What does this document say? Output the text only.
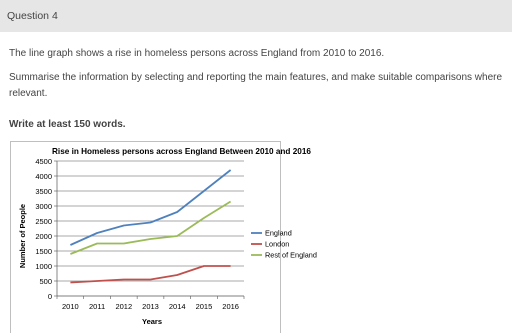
Question 4

The line graph shows a rise in homeless persons across England from 2010 to 2016.

Summarise the information by selecting and reporting the main features, and make suitable comparisons where relevant.

Write at least 150 words.

Rise in Homeless persons across England Between 2010 and 2016
0
500
1000
1500
2000
2500
3000
3500
4000
4500
2010 2011 2012 2013 2014 2015 2016
England
London
Rest of England
Number of People
Years
